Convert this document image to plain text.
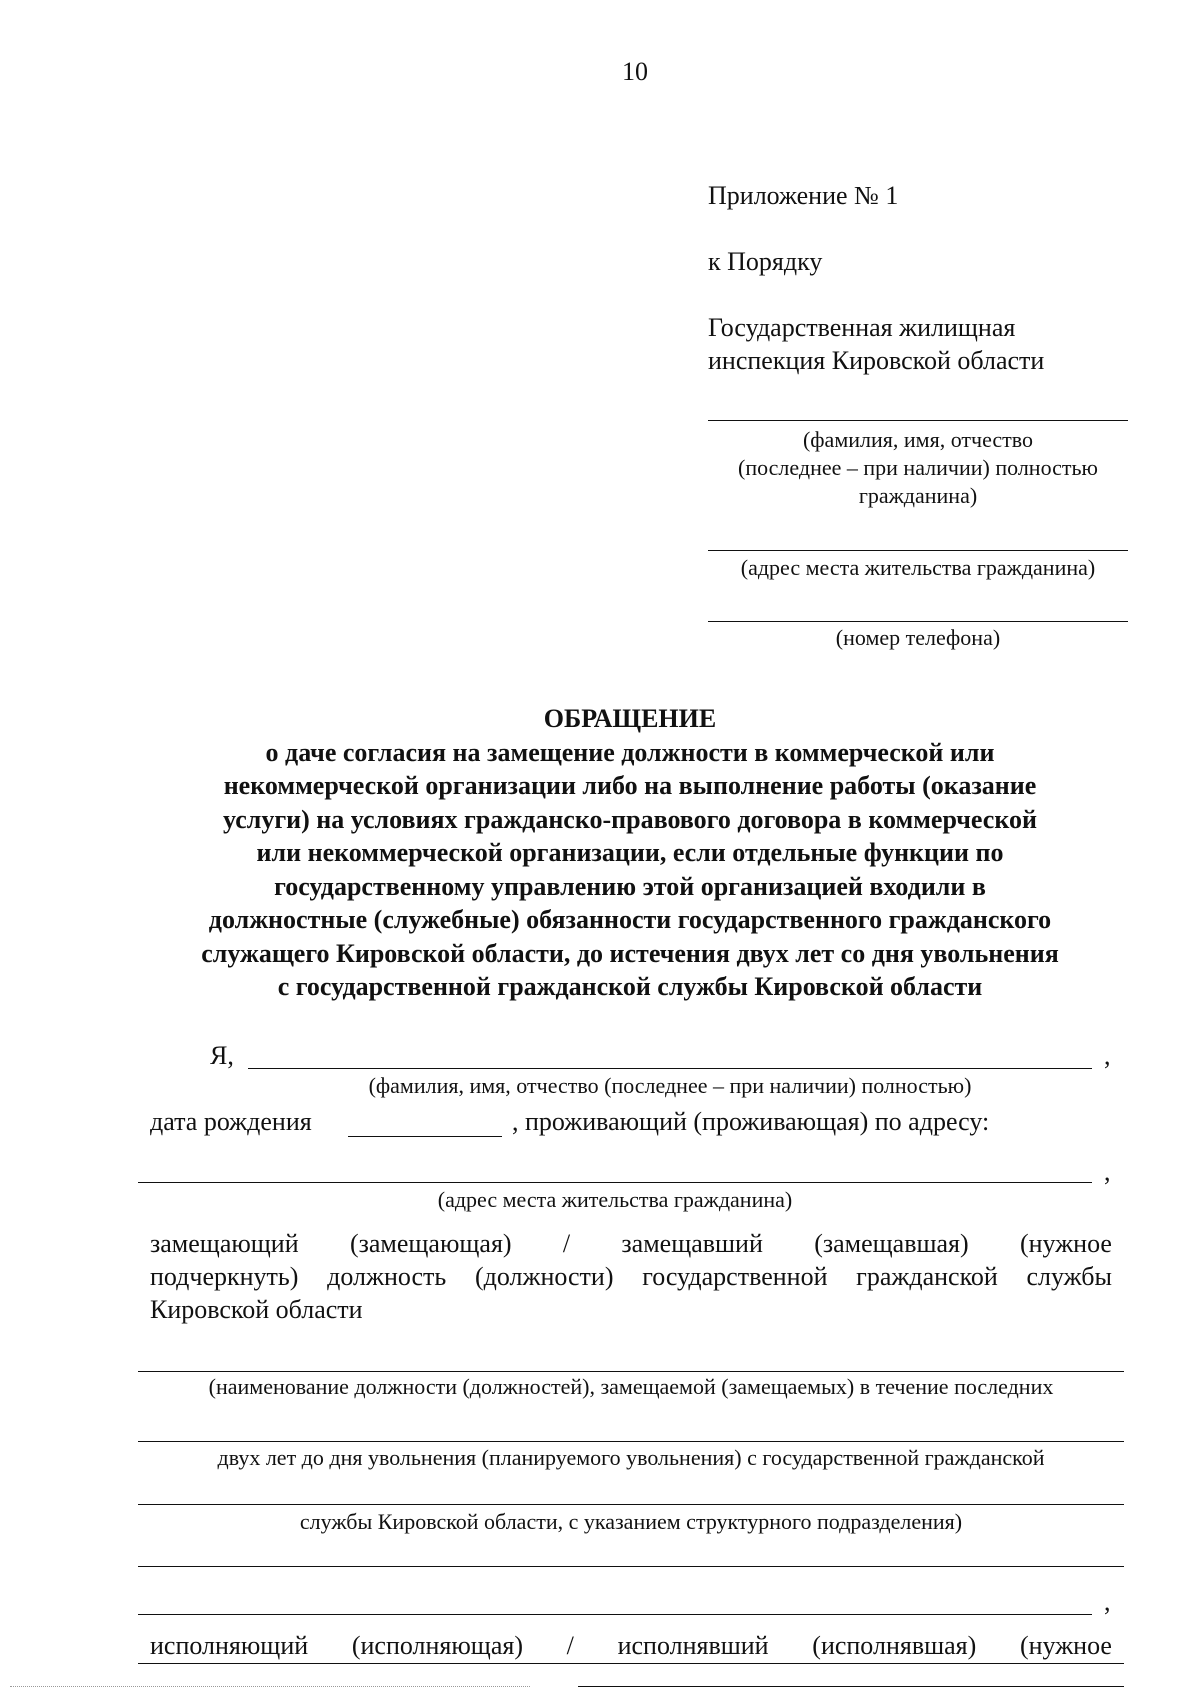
10
Приложение № 1
к Порядку
Государственная жилищная
инспекция Кировской области
(фамилия, имя, отчество
(последнее – при наличии) полностью
гражданина)
(адрес места жительства гражданина)
(номер телефона)
ОБРАЩЕНИЕ
о даче согласия на замещение должности в коммерческой или
некоммерческой организации либо на выполнение работы (оказание
услуги) на условиях гражданско-правового договора в коммерческой
или некоммерческой организации, если отдельные функции по
государственному управлению этой организацией входили в
должностные (служебные) обязанности государственного гражданского
служащего Кировской области, до истечения двух лет со дня увольнения
с государственной гражданской службы Кировской области
Я,	,
(фамилия, имя, отчество (последнее – при наличии) полностью)
дата рождения	, проживающий (проживающая) по адресу:
,
(адрес места жительства гражданина)
замещающий (замещающая) / замещавший (замещавшая) (нужное
подчеркнуть) должность (должности) государственной гражданской службы
Кировской области
(наименование должности (должностей), замещаемой (замещаемых) в течение последних
двух лет до дня увольнения (планируемого увольнения) с государственной гражданской
службы Кировской области, с указанием структурного подразделения)
,
исполняющий (исполняющая) / исполнявший (исполнявшая) (нужное
